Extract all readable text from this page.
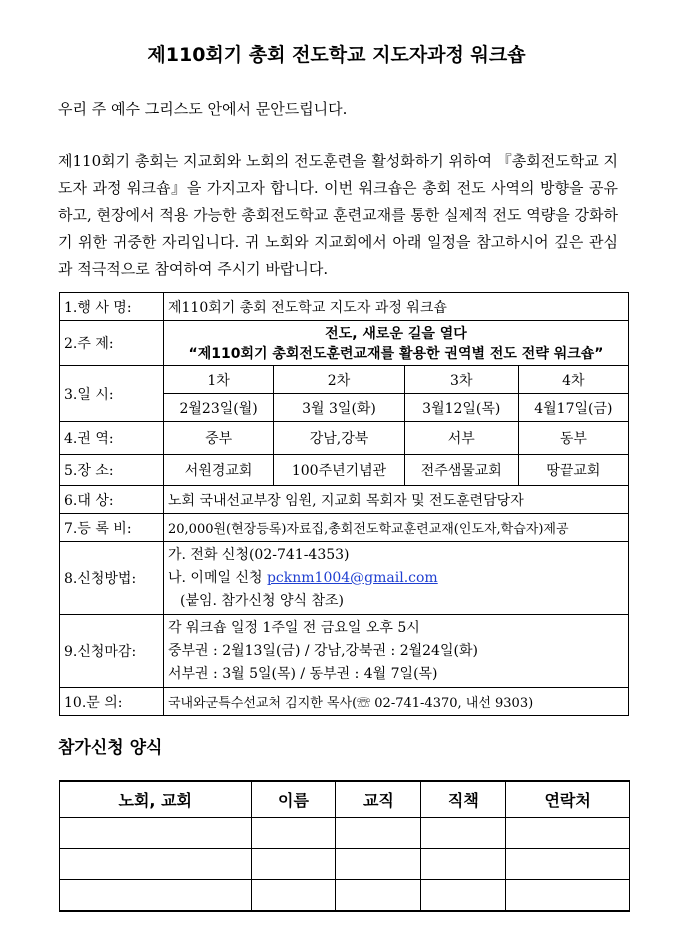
제110회기 총회 전도학교 지도자과정 워크숍
우리 주 예수 그리스도 안에서 문안드립니다.
제110회기 총회는 지교회와 노회의 전도훈련을 활성화하기 위하여 『총회전도학교 지도자 과정 워크숍』을 가지고자 합니다. 이번 워크숍은 총회 전도 사역의 방향을 공유하고, 현장에서 적용 가능한 총회전도학교 훈련교재를 통한 실제적 전도 역량을 강화하기 위한 귀중한 자리입니다. 귀 노회와 지교회에서 아래 일정을 참고하시어 깊은 관심과 적극적으로 참여하여 주시기 바랍니다.
1.행 사 명:	제110회기 총회 전도학교 지도자 과정 워크숍			
2.주 제:	전도, 새로운 길을 열다
“제110회기 총회전도훈련교재를 활용한 권역별 전도 전략 워크숍”			

3.일 시:	1차	2차	3차	4차
	2월23일(월)	3월 3일(화)	3월12일(목)	4월17일(금)
4.권 역:	중부	강남,강북	서부	동부
5.장 소:	서원경교회	100주년기념관	전주샘물교회	땅끝교회
6.대 상:	노회 국내선교부장 임원, 지교회 목회자 및 전도훈련담당자			
7.등 록 비:	20,000원(현장등록)자료집,총회전도학교훈련교재(인도자,학습자)제공			
8.신청방법:	가. 전화 신청(02-741-4353)
나. 이메일 신청 pcknm1004@gmail.com
(붙임. 참가신청 양식 참조)			

9.신청마감:	각 워크숍 일정 1주일 전 금요일 오후 5시
중부권 : 2월13일(금) / 강남,강북권 : 2월24일(화)
서부권 : 3월 5일(목) / 동부권 : 4월 7일(목)			

10.문 의:	국내와군특수선교처 김지한 목사(☏ 02-741-4370, 내선 9303)			
참가신청 양식
노회, 교회	이름	교직	직책	연락처
